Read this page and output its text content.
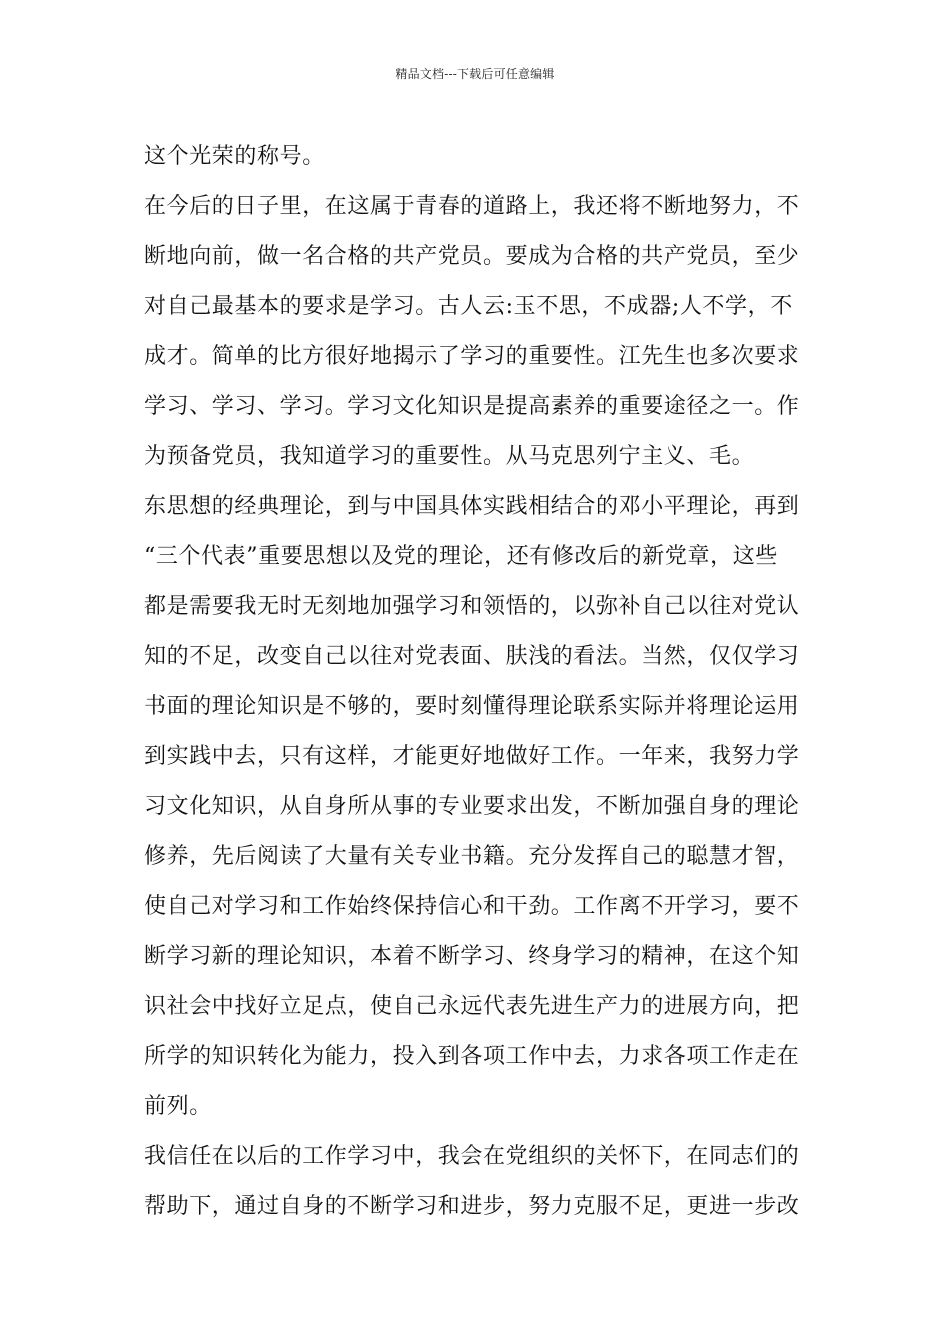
精品文档---下载后可任意编辑
这个光荣的称号。
在今后的日子里，在这属于青春的道路上，我还将不断地努力，不
断地向前，做一名合格的共产党员。要成为合格的共产党员，至少
对自己最基本的要求是学习。古人云:玉不思，不成器;人不学，不
成才。简单的比方很好地揭示了学习的重要性。江先生也多次要求
学习、学习、学习。学习文化知识是提高素养的重要途径之一。作
为预备党员，我知道学习的重要性。从马克思列宁主义、毛。
东思想的经典理论，到与中国具体实践相结合的邓小平理论，再到
“三个代表”重要思想以及党的理论，还有修改后的新党章，这些
都是需要我无时无刻地加强学习和领悟的，以弥补自己以往对党认
知的不足，改变自己以往对党表面、肤浅的看法。当然，仅仅学习
书面的理论知识是不够的，要时刻懂得理论联系实际并将理论运用
到实践中去，只有这样，才能更好地做好工作。一年来，我努力学
习文化知识，从自身所从事的专业要求出发，不断加强自身的理论
修养，先后阅读了大量有关专业书籍。充分发挥自己的聪慧才智，
使自己对学习和工作始终保持信心和干劲。工作离不开学习，要不
断学习新的理论知识，本着不断学习、终身学习的精神，在这个知
识社会中找好立足点，使自己永远代表先进生产力的进展方向，把
所学的知识转化为能力，投入到各项工作中去，力求各项工作走在
前列。
我信任在以后的工作学习中，我会在党组织的关怀下，在同志们的
帮助下，通过自身的不断学习和进步，努力克服不足，更进一步改
